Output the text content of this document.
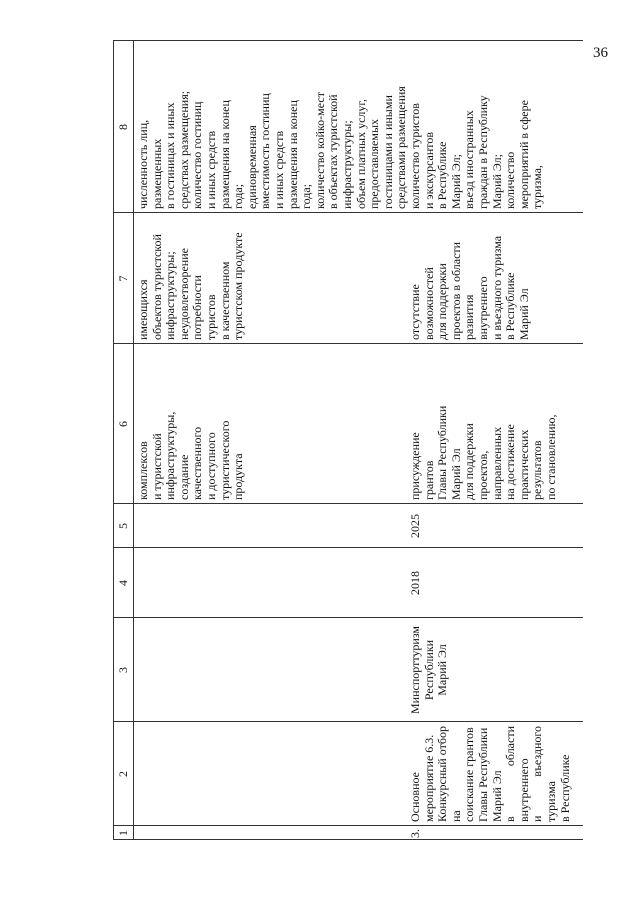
36
1
2
3
4
5
6
7
8

комплексов и туристской инфраструктуры, создание качественного и доступного туристического продукта

имеющихся объектов туристской инфраструктуры; неудовлетворение потребности туристов в качественном туристском продукте

численность лиц, размещенных в гостиницах и иных средствах размещения; количество гостиниц и иных средств размещения на конец года; единовременная вместимость гостиниц и иных средств размещения на конец года; количество койко-мест в объектах туристской инфраструктуры; объем платных услуг, предоставляемых гостиницами и иными средствами размещения

3.

Основное мероприятие 6.3. Конкурсный отбор на соискание грантов Главы Республики Марий Эл в области внутреннего и въездного туризма в Республике

Минспорттуризм Республики Марий Эл

2018
2025

присуждение грантов Главы Республики Марий Эл для поддержки проектов, направленных на достижение практических результатов по становлению,

отсутствие возможностей для поддержки проектов в области развития внутреннего и въездного туризма в Республике Марий Эл

количество туристов и экскурсантов в Республике Марий Эл; въезд иностранных граждан в Республику Марий Эл; количество мероприятий в сфере туризма,
